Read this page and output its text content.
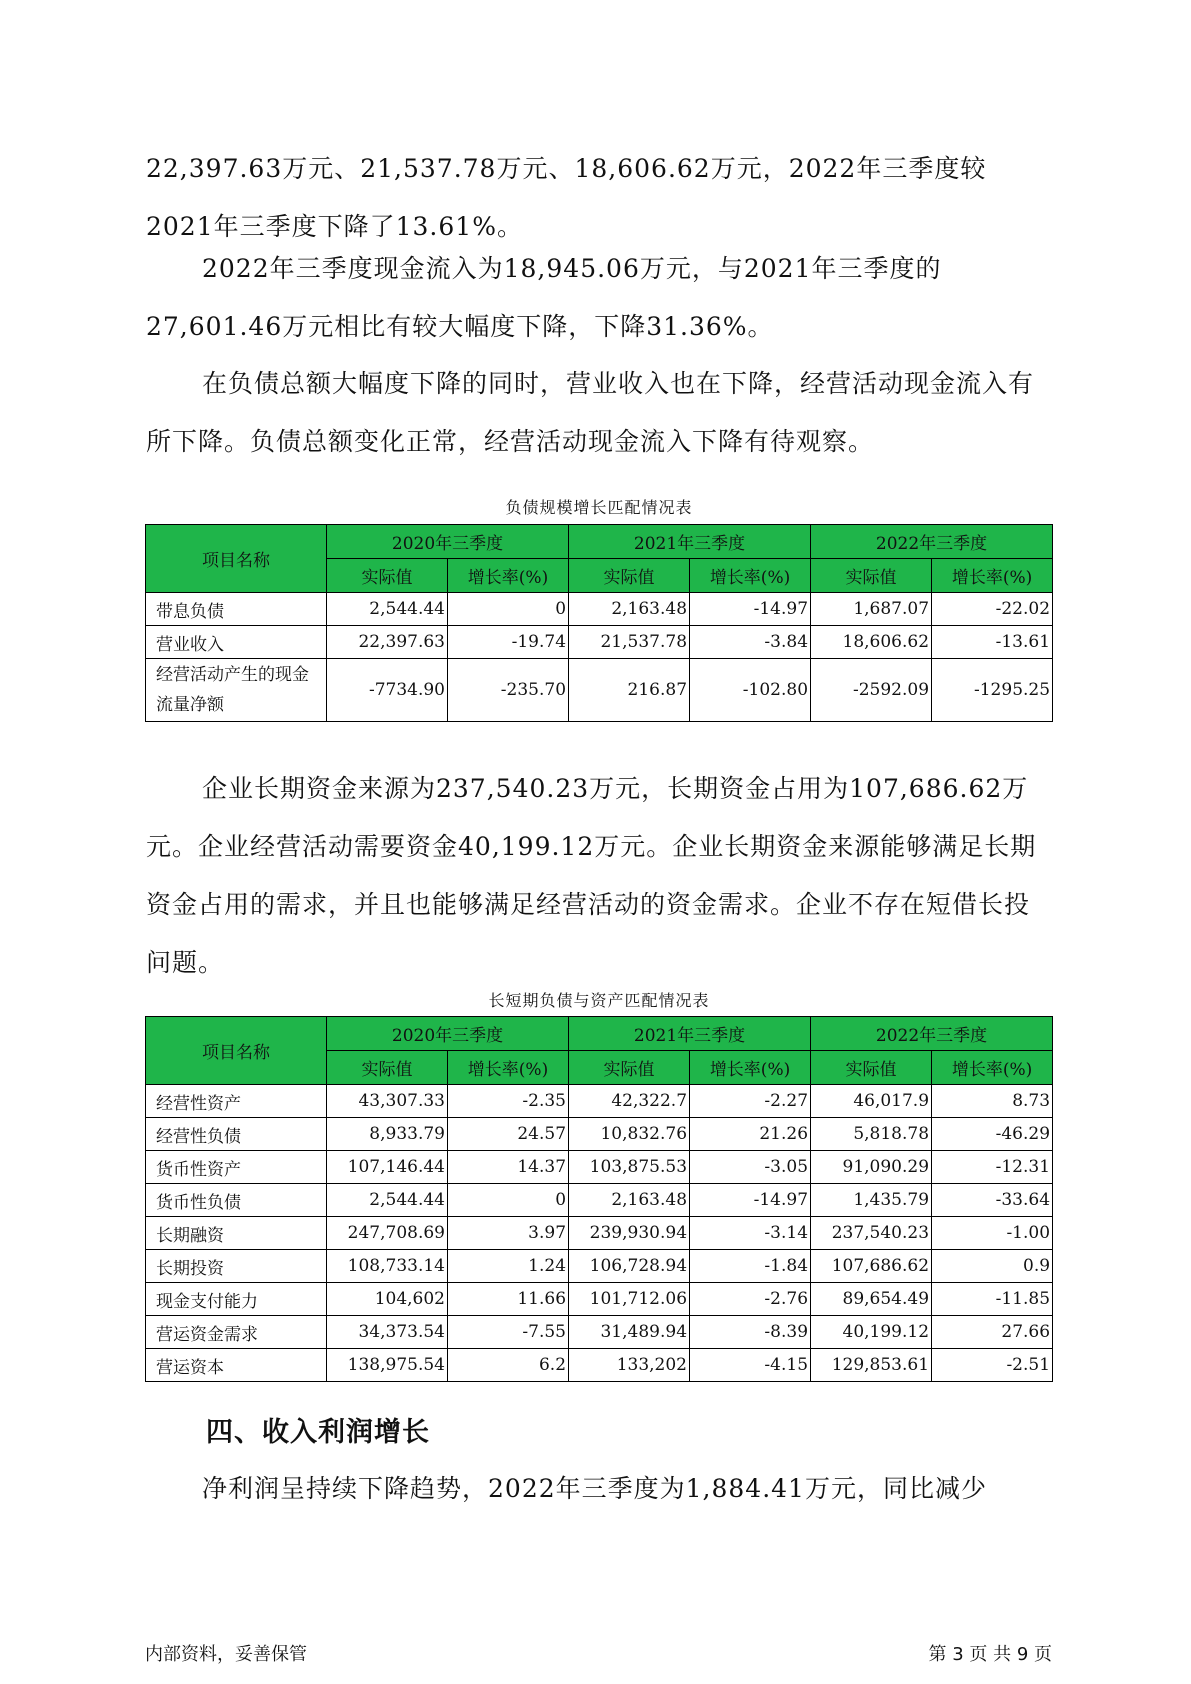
22,397.63万元、21,537.78万元、18,606.62万元，2022年三季度较2021年三季度下降了13.61%。

2022年三季度现金流入为18,945.06万元，与2021年三季度的27,601.46万元相比有较大幅度下降，下降31.36%。

在负债总额大幅度下降的同时，营业收入也在下降，经营活动现金流入有所下降。负债总额变化正常，经营活动现金流入下降有待观察。

负债规模增长匹配情况表
项目名称	2020年三季度		2021年三季度		2022年三季度	
	实际值	增长率(%)	实际值	增长率(%)	实际值	增长率(%)
带息负债	2,544.44	0	2,163.48	-14.97	1,687.07	-22.02
营业收入	22,397.63	-19.74	21,537.78	-3.84	18,606.62	-13.61
经营活动产生的现金流量净额	-7734.90	-235.70	216.87	-102.80	-2592.09	-1295.25

企业长期资金来源为237,540.23万元，长期资金占用为107,686.62万元。企业经营活动需要资金40,199.12万元。企业长期资金来源能够满足长期资金占用的需求，并且也能够满足经营活动的资金需求。企业不存在短借长投问题。

长短期负债与资产匹配情况表
项目名称	2020年三季度		2021年三季度		2022年三季度	
	实际值	增长率(%)	实际值	增长率(%)	实际值	增长率(%)
经营性资产	43,307.33	-2.35	42,322.7	-2.27	46,017.9	8.73
经营性负债	8,933.79	24.57	10,832.76	21.26	5,818.78	-46.29
货币性资产	107,146.44	14.37	103,875.53	-3.05	91,090.29	-12.31
货币性负债	2,544.44	0	2,163.48	-14.97	1,435.79	-33.64
长期融资	247,708.69	3.97	239,930.94	-3.14	237,540.23	-1.00
长期投资	108,733.14	1.24	106,728.94	-1.84	107,686.62	0.9
现金支付能力	104,602	11.66	101,712.06	-2.76	89,654.49	-11.85
营运资金需求	34,373.54	-7.55	31,489.94	-8.39	40,199.12	27.66
营运资本	138,975.54	6.2	133,202	-4.15	129,853.61	-2.51
四、收入利润增长

净利润呈持续下降趋势，2022年三季度为1,884.41万元，同比减少

内部资料，妥善保管	第 3 页 共 9 页
